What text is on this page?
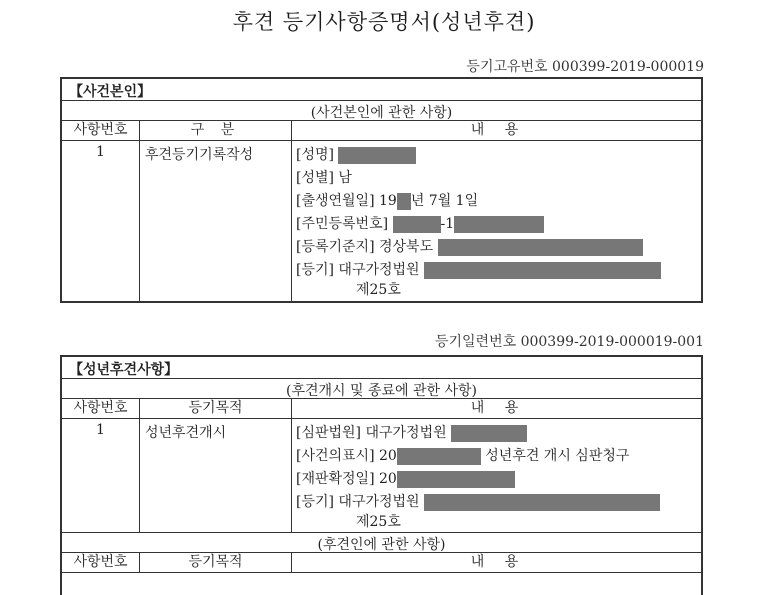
후견 등기사항증명서(성년후견)
등기고유번호 000399-2019-000019
【사건본인】
(사건본인에 관한 사항)
사항번호	구 분	내 용
1	후견등기기록작성	[성명]
[성별] 남
[출생연월일] 19 년 7월 1일
[주민등록번호]	-1
[등록기준지] 경상북도
[등기] 대구가정법원
제25호
등기일련번호 000399-2019-000019-001
【성년후견사항】
(후견개시 및 종료에 관한 사항)
사항번호	등기목적	내 용
1	성년후견개시	[심판법원] 대구가정법원
[사건의표시] 20	성년후견 개시 심판청구
[재판확정일] 20
[등기] 대구가정법원
제25호
(후견인에 관한 사항)
사항번호	등기목적	내 용
